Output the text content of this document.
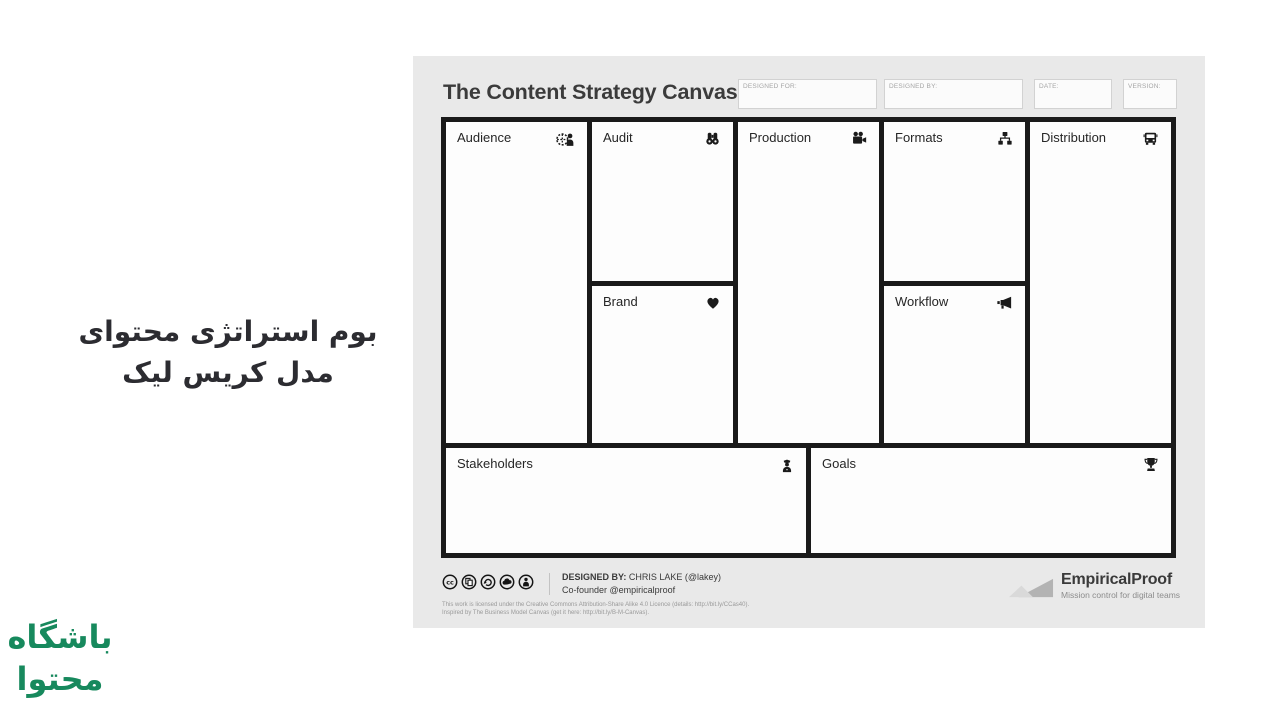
بوم استراتژی محتوای
مدل کریس لیک
باشگاه
محتوا
The Content Strategy Canvas DESIGNED FOR:	DESIGNED BY:	DATE:	VERSION:
Audience	Audit
Brand
Production	Formats
Workflow
Distribution
Stakeholders	Goals
cc
DESIGNED BY: CHRIS LAKE (@lakey)
Co-founder @empiricalproof
This work is licensed under the Creative Commons Attribution-Share Alike 4.0 Licence (details: http://bit.ly/CCas40).
Inspired by The Business Model Canvas (get it here: http://bit.ly/B-M-Canvas).
EmpiricalProof
Mission control for digital teams
